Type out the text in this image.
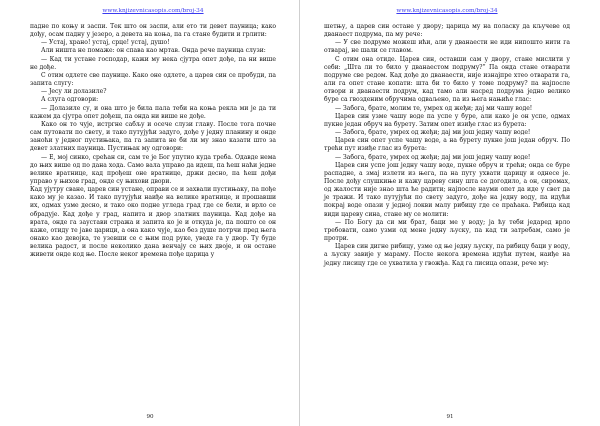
www.knjizevnicasopis.com/broj-34

падне по коњу и заспи. Тек што он заспи, али ето ти девет пауница; како дођу, осам падну у језеро, а девета на коња, па га стане будити и грлити:

— Устај, храно! устај, срце! устај, душо!

Али ништа не помаже: он спава као мртав. Онда рече пауница слузи:

— Кад ти устане господар, кажи му нека сјутра опет дође, па ни више не дође.

С отим одлете све паунице. Како оне одлете, а царев син се пробуди, па запита слугу:

— Јесу ли долазиле?

А слуга одговори:

— Долазиле су, и она што је била пала теби на коња рекла ми је да ти кажем да сјутра опет дођеш, па онда ни више не дође.

Како он то чује, истргне сабљу и осече слузи главу. После тога почне сам путовати по свету, и тако путујући задуго, дође у једну планину и онде заноћи у једног пустињака, па га запита не би ли му знао казати што за девет златних пауница. Пустињак му одговори:

— Е, мој синко, срећан си, сам те је Бог упутио куда треба. Одавде нема до њих више од по дана хода. Само вала управо да идеш, па ћеш наћи једне велике вратнице, кад прођеш оне вратнице, држи десно, па ћеш дођи управо у њихов град, онде су њихови двори.

Кад ујутру сване, царев син устане, оправи се и захвали пустињаку, па пође како му је казао. И тако путујући наиђе на велике вратнице, и прошавши их, одмах узме десно, и тако око подне угледа град где се бели, и врло се обрадује. Кад дође у град, напита и двор златних пауница. Кад дође на врата, онде га заустави стража и запита ко је и откуда је, па пошто се он каже, отиду те јаве царици, а она како чује, као без душе потрчи пред њега онако као девојка, те узевши се с њим под руке, уведе га у двор. Ту буде велика радост, и после неколико дана венчају се њих двоје, и он остане живети онде код ње. После неког времена пође царица у

90
www.knjizevnicasopis.com/broj-34

шетњу, а царев син остане у двору; царица му на поласку да кључеве од дванаест подрума, па му рече:

— У све подруме можеш ићи, али у дванаести не иди нипошто нити га отварај, не шали се главом.

С отим она отиде. Царев син, оставши сам у двору, стане мислити у себи: „Шта ли то било у дванаестом подруму?” Па онда стане отварати подруме све редом. Кад дође до дванаести, није изнајпре хтео отварати га, али га опет стане копати: шта би то било у томе подруму? па најпосле отвори и дванаести подрум, кад тамо али насред подрума једно велико буре са гвозденим обручима одваљено, па из њега нањиће глас:

— Забога, брате, молим те, умрех од жеђи; дај ми чашу воде!

Царев син узме чашу воде па успе у буре, али како је он успе, одмах пукне један обруч на бурету. Затим опет изиђе глас из бурета:

— Забога, брате, умрех од жеђи; дај ми још једну чашу воде!

Царев син опет успе чашу воде, а на бурету пукне још један обруч. По трећи пут изиђе глас из бурета:

— Забога, брате, умрех од жеђи; дај ми још једну чашу воде!

Царев син успе још једну чашу воде, пукне обруч и трећи; онда се буре распадне, а змај излети из њега, па на путу ухвати царицу и однесе је. После дођу слушкиње и кажу цареву сину шта се догодило, а он, сиромах, од жалости није знао шта ће радити; најпосле науми опет да иде у свет да је тражи. И тако путујући по свету задуго, дође на једну воду, па идући покрај воде опази у једној локви малу рибицу где се праћака. Рибица кад види цареву сина, стане му се молити:

— По Богу да си ми брат, баци ме у воду; ја ћу теби једаред врло требовати, само узми од мене једну љуску, па кад ти затребам, само је протри.

Царев син дигне рибицу, узме од ње једну љуску, па рибицу баци у воду, а љуску завије у мараму. После некога времена идући путем, наиђе на једну лисицу где се ухватила у гвожђа. Кад га лисица опази, рече му:

91
